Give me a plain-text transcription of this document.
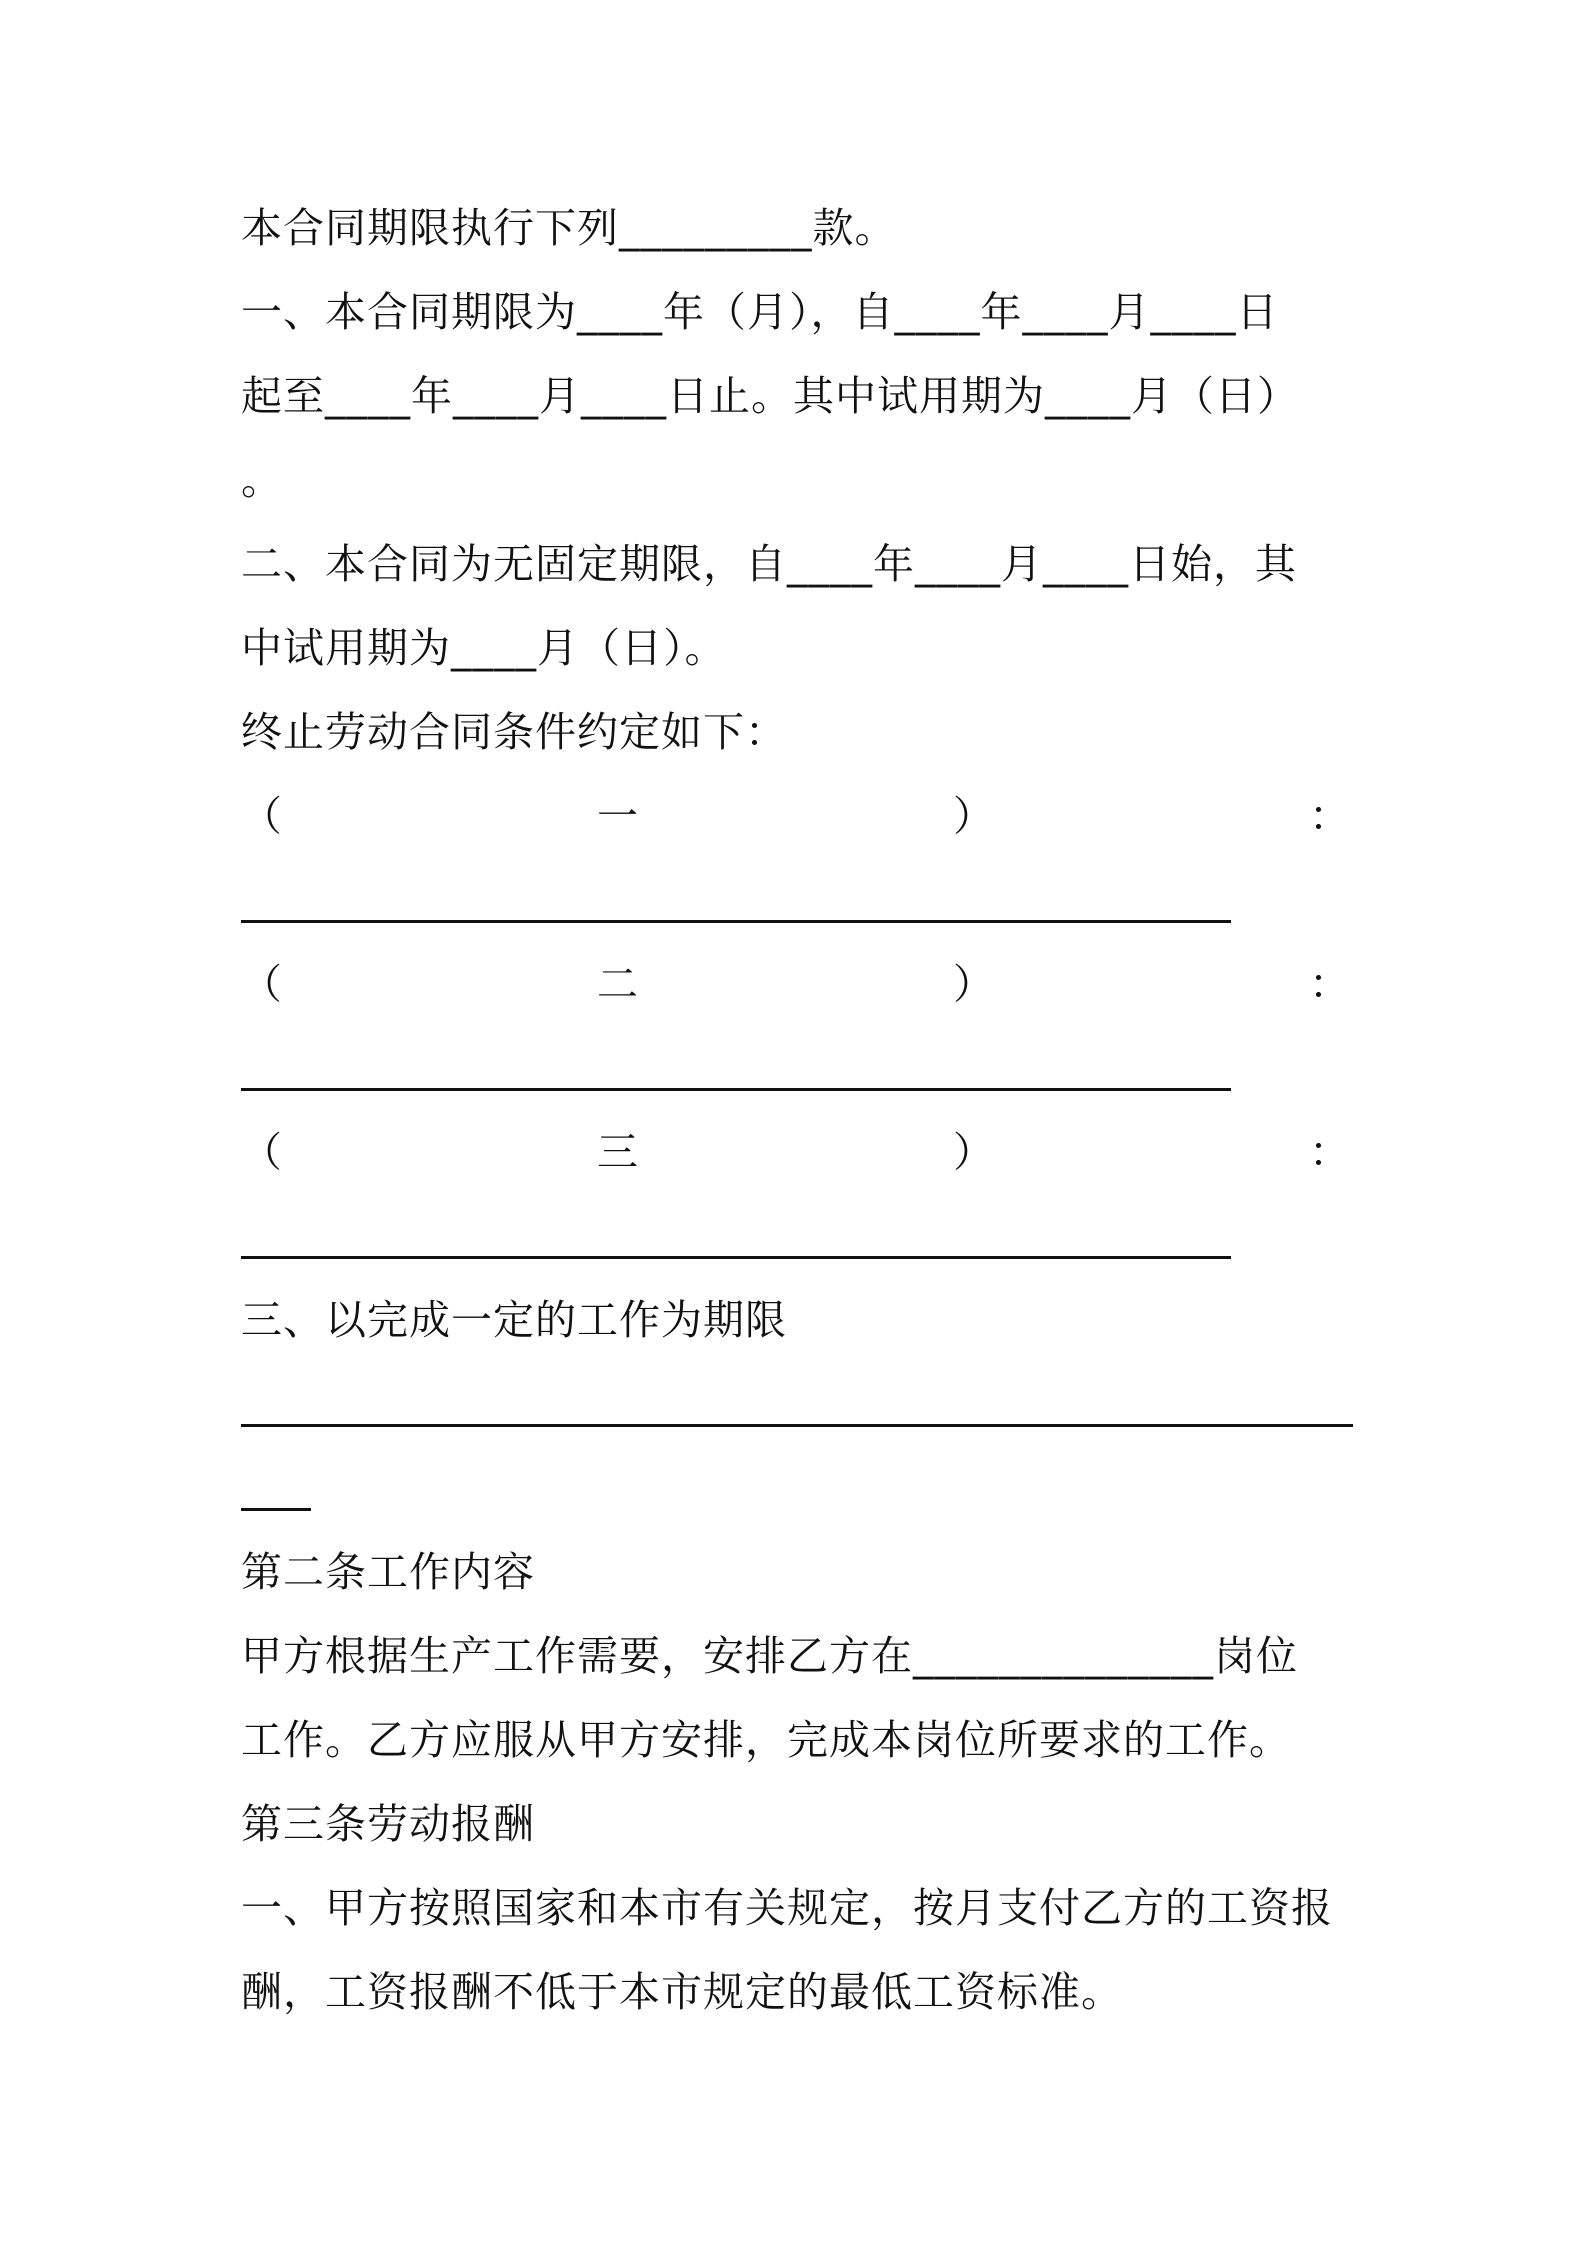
本合同期限执行下列_________款。
一、本合同期限为____年（月），自____年____月____日
起至____年____月____日止。其中试用期为____月（日）
。
二、本合同为无固定期限，自____年____月____日始，其
中试用期为____月（日）。
终止劳动合同条件约定如下：
（	一	）	：
（	二	）	：
（	三	）	：
三、以完成一定的工作为期限
第二条工作内容
甲方根据生产工作需要，安排乙方在______________岗位
工作。乙方应服从甲方安排，完成本岗位所要求的工作。
第三条劳动报酬
一、甲方按照国家和本市有关规定，按月支付乙方的工资报
酬，工资报酬不低于本市规定的最低工资标准。
